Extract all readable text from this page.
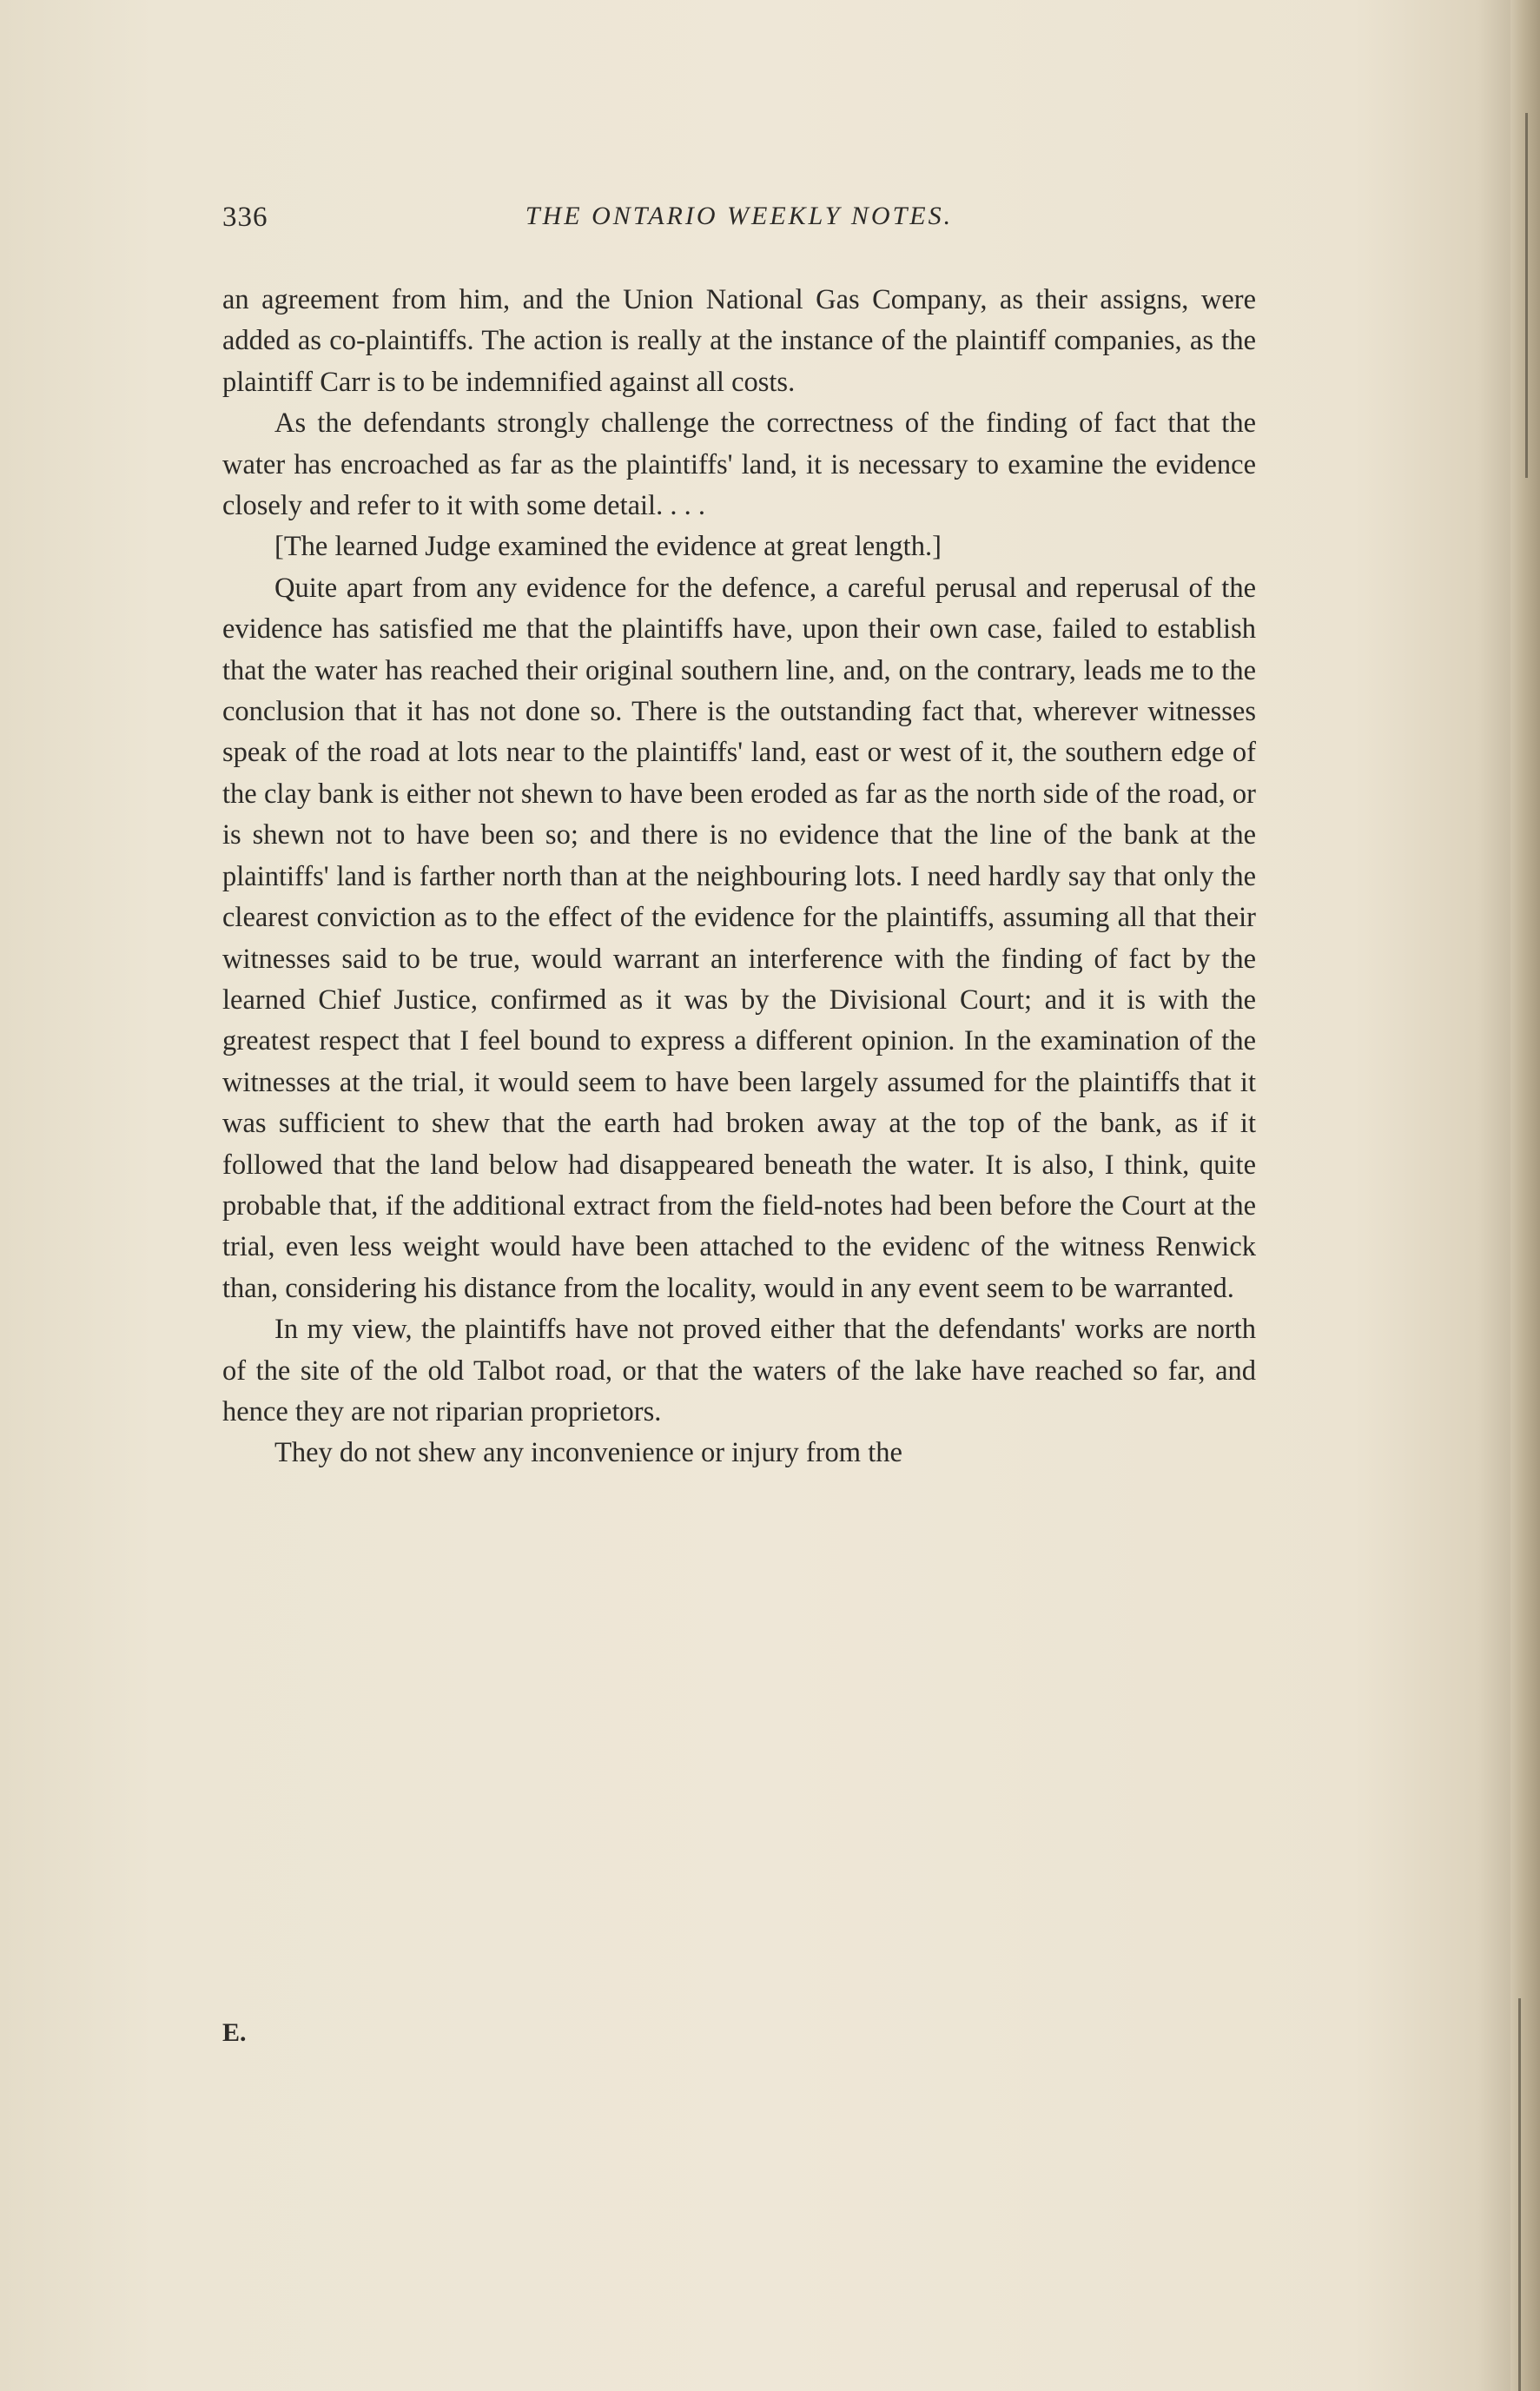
336	THE ONTARIO WEEKLY NOTES.

an agreement from him, and the Union National Gas Company, as their assigns, were added as co-plaintiffs. The action is really at the instance of the plaintiff companies, as the plaintiff Carr is to be indemnified against all costs.

As the defendants strongly challenge the correctness of the finding of fact that the water has encroached as far as the plaintiffs' land, it is necessary to examine the evidence closely and refer to it with some detail. . . .

[The learned Judge examined the evidence at great length.]

Quite apart from any evidence for the defence, a careful perusal and reperusal of the evidence has satisfied me that the plaintiffs have, upon their own case, failed to establish that the water has reached their original southern line, and, on the contrary, leads me to the conclusion that it has not done so. There is the outstanding fact that, wherever witnesses speak of the road at lots near to the plaintiffs' land, east or west of it, the southern edge of the clay bank is either not shewn to have been eroded as far as the north side of the road, or is shewn not to have been so; and there is no evidence that the line of the bank at the plaintiffs' land is farther north than at the neighbouring lots. I need hardly say that only the clearest conviction as to the effect of the evidence for the plaintiffs, assuming all that their witnesses said to be true, would warrant an interference with the finding of fact by the learned Chief Justice, confirmed as it was by the Divisional Court; and it is with the greatest respect that I feel bound to express a different opinion. In the examination of the witnesses at the trial, it would seem to have been largely assumed for the plaintiffs that it was sufficient to shew that the earth had broken away at the top of the bank, as if it followed that the land below had disappeared beneath the water. It is also, I think, quite probable that, if the additional extract from the field-notes had been before the Court at the trial, even less weight would have been attached to the evidenc of the witness Renwick than, considering his distance from the locality, would in any event seem to be warranted.

In my view, the plaintiffs have not proved either that the defendants' works are north of the site of the old Talbot road, or that the waters of the lake have reached so far, and hence they are not riparian proprietors.

They do not shew any inconvenience or injury from the

E.
